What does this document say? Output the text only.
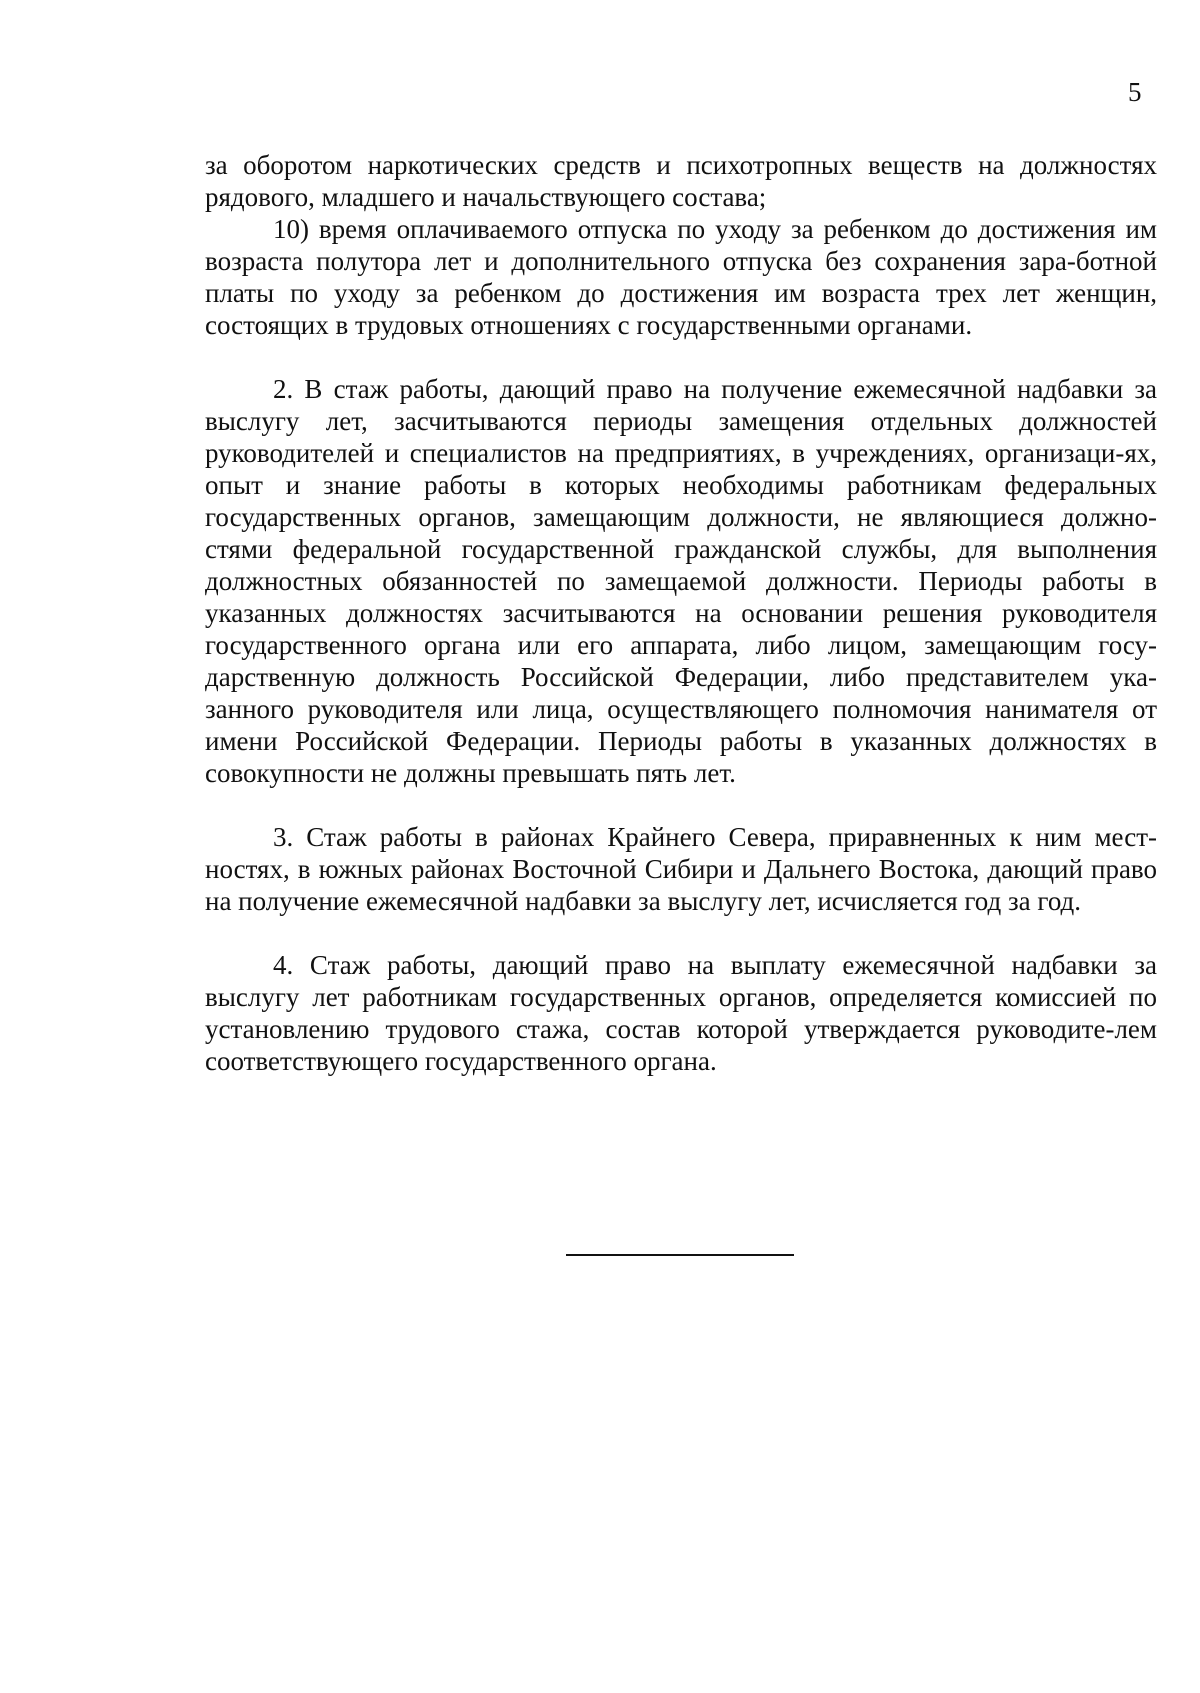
5

за оборотом наркотических средств и психотропных веществ на должностях рядового, младшего и начальствующего состава;

10) время оплачиваемого отпуска по уходу за ребенком до достижения им возраста полутора лет и дополнительного отпуска без сохранения зара-ботной платы по уходу за ребенком до достижения им возраста трех лет женщин, состоящих в трудовых отношениях с государственными органами.

2. В стаж работы, дающий право на получение ежемесячной надбавки за выслугу лет, засчитываются периоды замещения отдельных должностей руководителей и специалистов на предприятиях, в учреждениях, организаци-ях, опыт и знание работы в которых необходимы работникам федеральных государственных органов, замещающим должности, не являющиеся должно-стями федеральной государственной гражданской службы, для выполнения должностных обязанностей по замещаемой должности. Периоды работы в указанных должностях засчитываются на основании решения руководителя государственного органа или его аппарата, либо лицом, замещающим госу-дарственную должность Российской Федерации, либо представителем ука-занного руководителя или лица, осуществляющего полномочия нанимателя от имени Российской Федерации. Периоды работы в указанных должностях в совокупности не должны превышать пять лет.

3. Стаж работы в районах Крайнего Севера, приравненных к ним мест-ностях, в южных районах Восточной Сибири и Дальнего Востока, дающий право на получение ежемесячной надбавки за выслугу лет, исчисляется год за год.

4. Стаж работы, дающий право на выплату ежемесячной надбавки за выслугу лет работникам государственных органов, определяется комиссией по установлению трудового стажа, состав которой утверждается руководите-лем соответствующего государственного органа.
